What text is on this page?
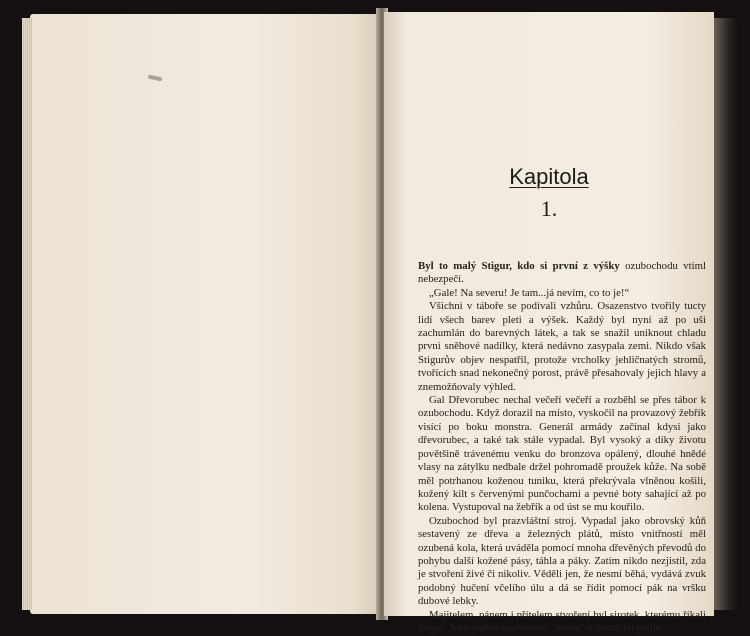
Kapitola
1.

Byl to malý Stigur, kdo si první z výšky ozubochodu vtiml nebezpečí.

„Gale! Na severu! Je tam...já nevím, co to je!“

Všichni v táboře se podívali vzhůru. Osazenstvo tvořily tucty lidí všech barev pleti a výšek. Každý byl nyní až po uši zachumlán do barevných látek, a tak se snažil uniknout chladu první sněhové nadílky, která nedávno zasypala zemi. Nikdo však Stigurův objev nespatřil, protože vrcholky jehličnatých stromů, tvořících snad nekonečný porost, právě přesahovaly jejich hlavy a znemožňovaly výhled.

Gal Dřevorubec nechal večeří večeří a rozběhl se přes tábor k ozubochodu. Když dorazil na místo, vyskočil na provazový žebřík visící po boku monstra. Generál armády začínal kdysi jako dřevorubec, a také tak stále vypadal. Byl vysoký a díky životu povětšině trávenému venku do bronzova opálený, dlouhé hnědé vlasy na zátylku nedbale držel pohromadě proužek kůže. Na sobě měl potrhanou koženou tuniku, která překrývala vlněnou košili, kožený kilt s červenými punčochami a pevné boty sahající až po kolena. Vystupoval na žebřík a od úst se mu kouřilo.

Ozubochod byl prazvláštní stroj. Vypadal jako obrovský kůň sestavený ze dřeva a železných plátů, místo vnitřností měl ozubená kola, která uváděla pomocí mnoha dřevěných převodů do pohybu další kožené pásy, táhla a páky. Zatím nikdo nezjistil, zda je stvoření živé či nikoliv. Věděli jen, že nesmí běhá, vydává zvuk podobný hučení včelího úlu a dá se řídit pomocí pák na vršku dubové lebky.

Majitelem, pánem i přítelem stvoření byl sirotek, kterému říkali Stigur. Jeho jméno znamenalo „brána“ a dostal ho podle
